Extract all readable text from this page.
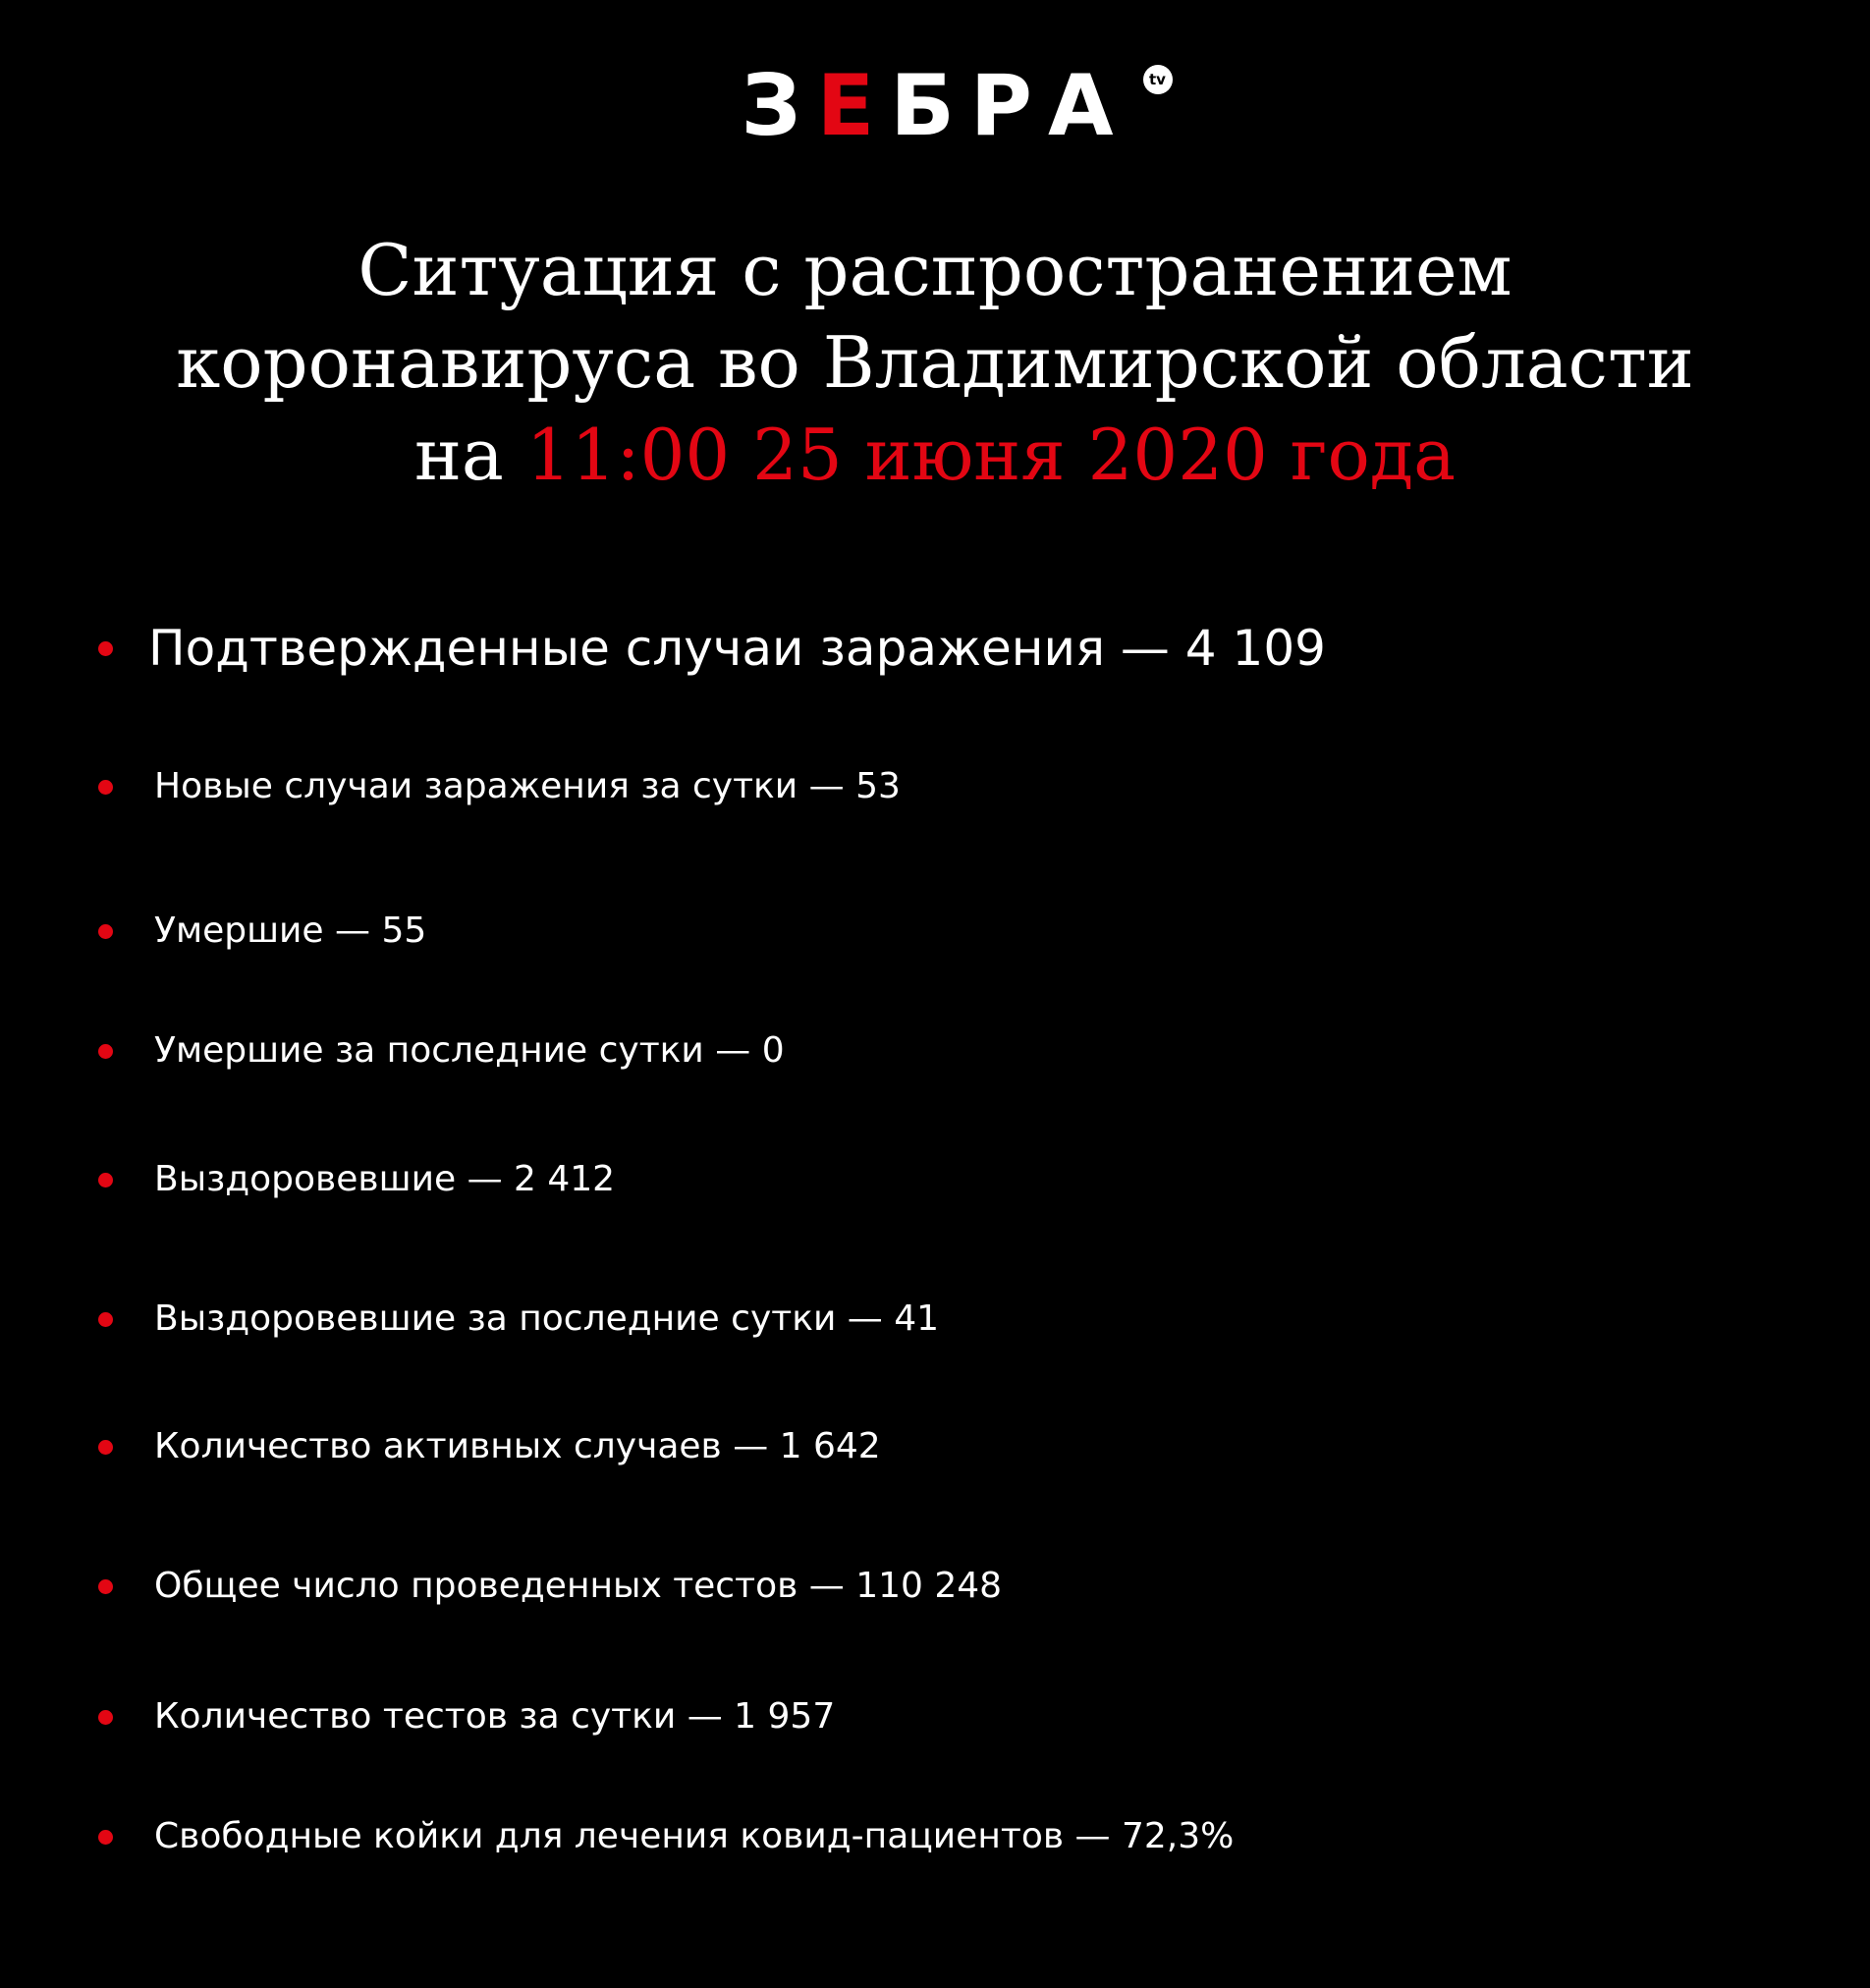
ЗЕБРА	tv
Ситуация с распространением
коронавируса во Владимирской области
на 11:00 25 июня 2020 года
Подтвержденные случаи заражения — 4 109
Новые случаи заражения за сутки — 53
Умершие — 55
Умершие за последние сутки — 0
Выздоровевшие — 2 412
Выздоровевшие за последние сутки — 41
Количество активных случаев — 1 642
Общее число проведенных тестов — 110 248
Количество тестов за сутки — 1 957
Свободные койки для лечения ковид-пациентов — 72,3%
